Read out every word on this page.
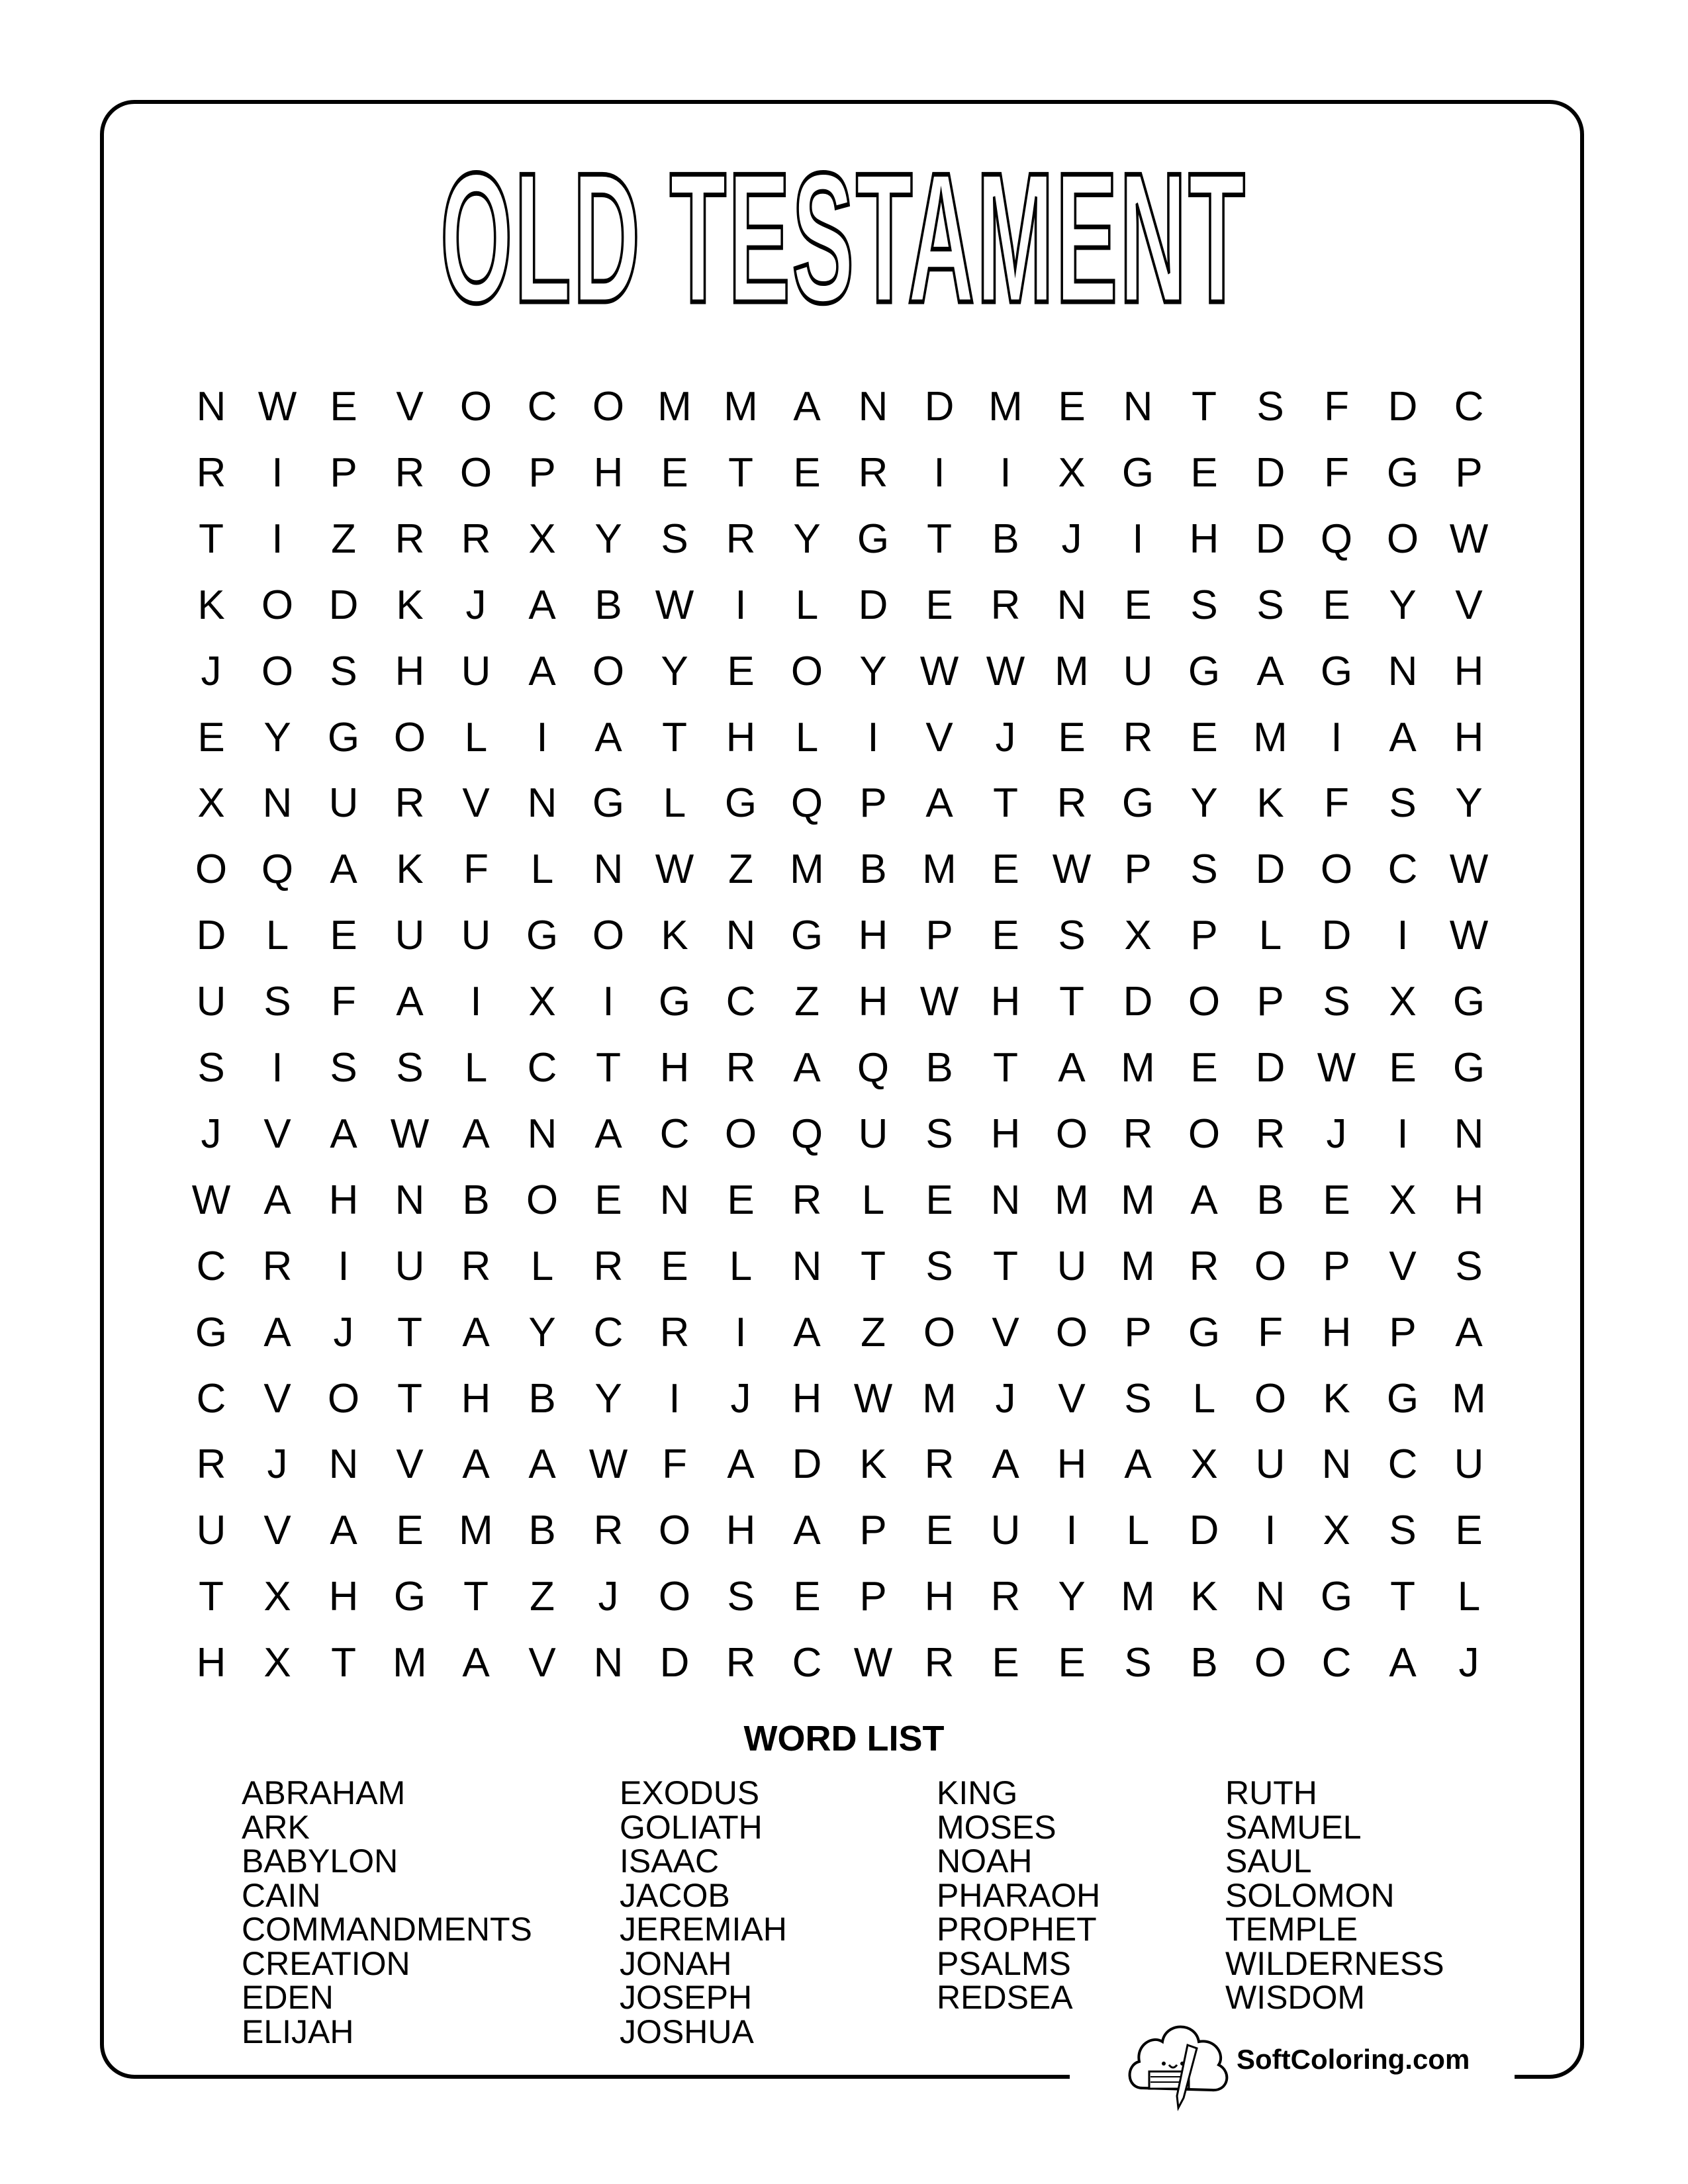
OLD TESTAMENT
N W E V O C O M M A N D M E N T S F D C
R	I	P R O P H E T E R	I	I	X G E D F G P
T	I	Z R R X Y S R Y G T B	J	I	H D Q O W
K O D K	J	A B W	I	L D E R N E S S E Y V
J O S H U A O Y E O Y W W M U G A G N H
E Y G O L	I	A T H L	I	V	J	E R E M	I	A H
X N U R V N G L G Q P A T R G Y K F S Y
O Q A K F	L N W Z M B M E W P S D O C W
D L	E U U G O K N G H P E S X P	L D	I	W
U S F A	I	X	I	G C Z H W H T D O P S X G
S	I	S S	L C T H R A Q B T A M E D W E G
J	V A W A N A C O Q U S H O R O R	J	I	N
W A H N B O E N E R L	E N M M A B E X H
C R	I	U R L R E	L N T S T U M R O P V S
G A	J	T A Y C R	I	A Z O V O P G F H P A
C V O T H B Y	I	J	H W M J	V S	L O K G M
R	J	N V A A W F A D K R A H A X U N C U
U V A E M B R O H A P E U	I	L D	I	X S E
T X H G T	Z	J O S E P H R Y M K N G T	L
H X T M A V N D R C W R E E S B O C A	J
WORD LIST
ABRAHAM
ARK
BABYLON
CAIN
COMMANDMENTS
CREATION
EDEN
ELIJAH
EXODUS
GOLIATH
ISAAC
JACOB
JEREMIAH
JONAH
JOSEPH
JOSHUA
KING
MOSES
NOAH
PHARAOH
PROPHET
PSALMS
REDSEA
RUTH
SAMUEL
SAUL
SOLOMON
TEMPLE
WILDERNESS
WISDOM
SoftColoring.com
